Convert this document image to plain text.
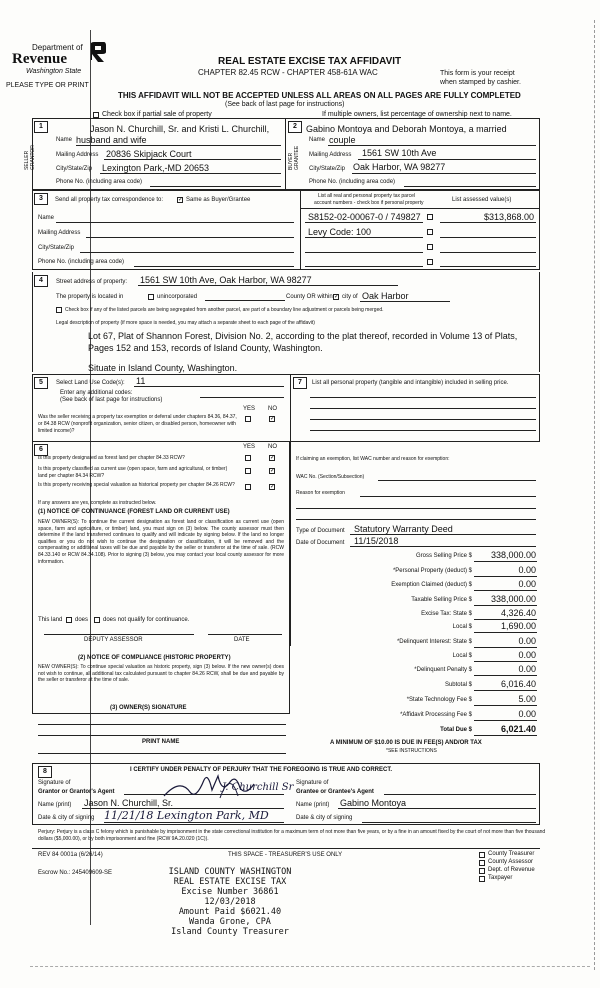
Department of
Revenue
Washington State
PLEASE TYPE OR PRINT
REAL ESTATE EXCISE TAX AFFIDAVIT
CHAPTER 82.45 RCW - CHAPTER 458-61A WAC	This form is your receipt
when stamped by cashier.
THIS AFFIDAVIT WILL NOT BE ACCEPTED UNLESS ALL AREAS ON ALL PAGES ARE FULLY COMPLETED
(See back of last page for instructions)
Check box if partial sale of property	If multiple owners, list percentage of ownership next to name.
1	2
SELLER GRANTOR	BUYER GRANTEE
Name
Jason N. Churchill, Sr. and Kristi L. Churchill,
husband and wife
Mailing Address 20836 Skipjack Court
City/State/Zip Lexington Park,-MD 20653
Phone No. (including area code)
Name
Gabino Montoya and Deborah Montoya, a married
couple
Mailing Address 1561 SW 10th Ave
City/State/Zip Oak Harbor, WA 98277
Phone No. (including area code)
3	Send all property tax correspondence to: ✓ Same as Buyer/Grantee
List all real and personal property tax parcel
account numbers - check box if personal property	List assessed value(s)
Name
Mailing Address
City/State/Zip
Phone No. (including area code)
S8152-02-00067-0 / 749827	$313,868.00
Levy Code: 100
4	Street address of property: 1561 SW 10th Ave, Oak Harbor, WA 98277
The property is located in	unincorporated	County OR within ✓ city of Oak Harbor
Check box if any of the listed parcels are being segregated from another parcel, are part of a boundary line adjustment or parcels being merged.
Legal description of property (if more space is needed, you may attach a separate sheet to each page of the affidavit)
Lot 67, Plat of Shannon Forest, Division No. 2, according to the plat thereof, recorded in Volume 13 of Plats,
Pages 152 and 153, records of Island County, Washington.
Situate in Island County, Washington.
5	Select Land Use Code(s): 11
Enter any additional codes:
(See back of last page for instructions)
YES NO
Was the seller receiving a property tax exemption or deferral under chapters 84.36, 84.37, or 84.38 RCW (nonprofit organization, senior citizen, or disabled person, homeowner with limited income)?
✓
7	List all personal property (tangible and intangible) included in selling price.
6	YES NO
Is this property designated as forest land per chapter 84.33 RCW?	✓
Is this property classified as current use (open space, farm and agricultural, or timber) land per chapter 84.34 RCW?
✓
Is this property receiving special valuation as historical property per chapter 84.26 RCW?	✓
If any answers are yes, complete as instructed below.
(1) NOTICE OF CONTINUANCE (FOREST LAND OR CURRENT USE)
NEW OWNER(S): To continue the current designation as forest land or classification as current use (open space, farm and agriculture, or timber) land, you must sign on (3) below. The county assessor must then determine if the land transferred continues to qualify and will indicate by signing below. If the land no longer qualifies or you do not wish to continue the designation or classification, it will be removed and the compensating or additional taxes will be due and payable by the seller or transferor at the time of sale. (RCW 84.33.140 or RCW 84.34.108). Prior to signing (3) below, you may contact your local county assessor for more information.
This land does does not qualify for continuance.
DEPUTY ASSESSOR	DATE
(2) NOTICE OF COMPLIANCE (HISTORIC PROPERTY)
NEW OWNER(S): To continue special valuation as historic property, sign (3) below. If the new owner(s) does not wish to continue, all additional tax calculated pursuant to chapter 84.26 RCW, shall be due and payable by the seller or transferor at the time of sale.
(3) OWNER(S) SIGNATURE
PRINT NAME
If claiming an exemption, list WAC number and reason for exemption:
WAC No. (Section/Subsection)
Reason for exemption
Type of Document Statutory Warranty Deed
Date of Document 11/15/2018
Gross Selling Price $	338,000.00
*Personal Property (deduct) $	0.00
Exemption Claimed (deduct) $	0.00
Taxable Selling Price $	338,000.00
Excise Tax: State $	4,326.40
Local $	1,690.00
*Delinquent Interest: State $	0.00
Local $	0.00
*Delinquent Penalty $	0.00
Subtotal $	6,016.40
*State Technology Fee $	5.00
*Affidavit Processing Fee $	0.00
Total Due $	6,021.40
A MINIMUM OF $10.00 IS DUE IN FEE(S) AND/OR TAX
*SEE INSTRUCTIONS
8	I CERTIFY UNDER PENALTY OF PERJURY THAT THE FOREGOING IS TRUE AND CORRECT.
Signature of
Grantor or Grantor's Agent	J. Churchill Sr
Name (print) Jason N. Churchill, Sr.
Date & city of signing 11/21/18 Lexington Park, MD
Signature of
Grantee or Grantee's Agent
Name (print) Gabino Montoya
Date & city of signing
Perjury: Perjury is a class C felony which is punishable by imprisonment in the state correctional institution for a maximum term of not more than five years, or by a fine in an amount fixed by the court of not more than five thousand dollars ($5,000.00), or by both imprisonment and fine (RCW 9A.20.020 (1C)).
REV 84 0001a (6/26/14)	THIS SPACE - TREASURER'S USE ONLY
Escrow No.: 245409609-SE	ISLAND COUNTY WASHINGTON
REAL ESTATE EXCISE TAX
Excise Number 36861
12/03/2018
Amount Paid $6021.40
Wanda Grone, CPA
Island County Treasurer
County Treasurer
County Assessor
Dept. of Revenue
Taxpayer
